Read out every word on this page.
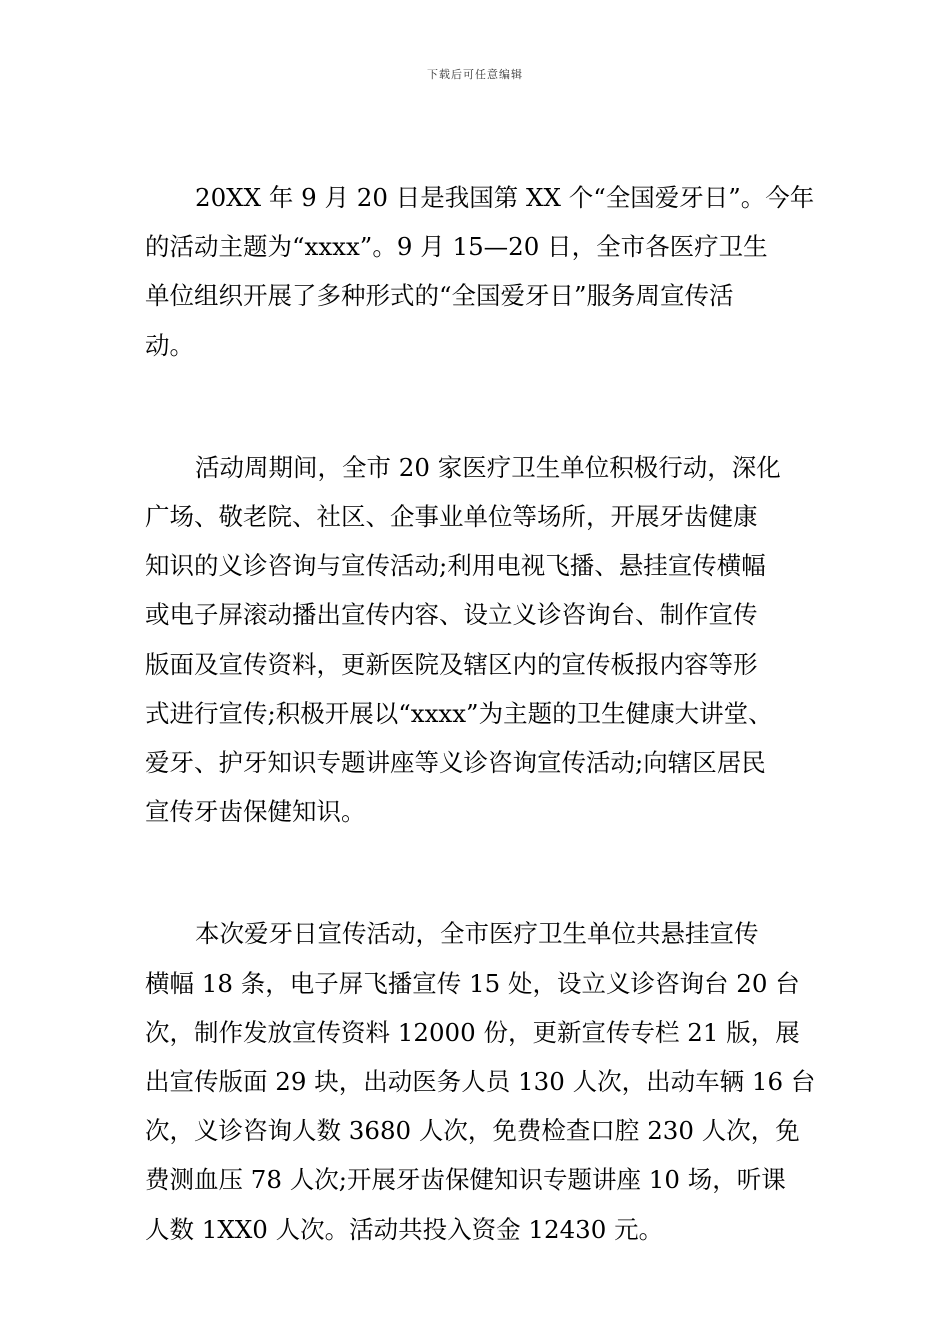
下载后可任意编辑

20XX 年 9 月 20 日是我国第 XX 个“全国爱牙日”。今年
的活动主题为“xxxx”。9 月 15—20 日，全市各医疗卫生
单位组织开展了多种形式的“全国爱牙日”服务周宣传活
动。

活动周期间，全市 20 家医疗卫生单位积极行动，深化
广场、敬老院、社区、企事业单位等场所，开展牙齿健康
知识的义诊咨询与宣传活动;利用电视飞播、悬挂宣传横幅
或电子屏滚动播出宣传内容、设立义诊咨询台、制作宣传
版面及宣传资料，更新医院及辖区内的宣传板报内容等形
式进行宣传;积极开展以“xxxx”为主题的卫生健康大讲堂、
爱牙、护牙知识专题讲座等义诊咨询宣传活动;向辖区居民
宣传牙齿保健知识。

本次爱牙日宣传活动，全市医疗卫生单位共悬挂宣传
横幅 18 条，电子屏飞播宣传 15 处，设立义诊咨询台 20 台
次，制作发放宣传资料 12000 份，更新宣传专栏 21 版，展
出宣传版面 29 块，出动医务人员 130 人次，出动车辆 16 台
次，义诊咨询人数 3680 人次，免费检查口腔 230 人次，免
费测血压 78 人次;开展牙齿保健知识专题讲座 10 场，听课
人数 1XX0 人次。活动共投入资金 12430 元。
